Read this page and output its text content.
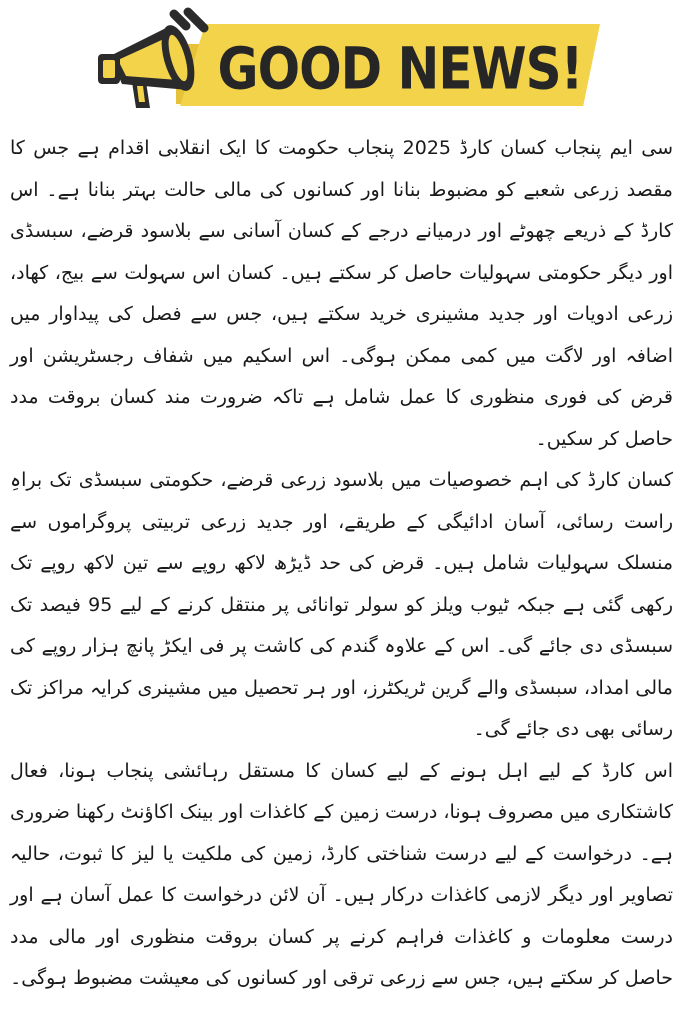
GOOD NEWS!

سی ایم پنجاب کسان کارڈ 2025 پنجاب حکومت کا ایک انقلابی اقدام ہے جس کا مقصد زرعی شعبے کو مضبوط بنانا اور کسانوں کی مالی حالت بہتر بنانا ہے۔ اس کارڈ کے ذریعے چھوٹے اور درمیانے درجے کے کسان آسانی سے بلاسود قرضے، سبسڈی اور دیگر حکومتی سہولیات حاصل کر سکتے ہیں۔ کسان اس سہولت سے بیج، کھاد، زرعی ادویات اور جدید مشینری خرید سکتے ہیں، جس سے فصل کی پیداوار میں اضافہ اور لاگت میں کمی ممکن ہوگی۔ اس اسکیم میں شفاف رجسٹریشن اور قرض کی فوری منظوری کا عمل شامل ہے تاکہ ضرورت مند کسان بروقت مدد حاصل کر سکیں۔

کسان کارڈ کی اہم خصوصیات میں بلاسود زرعی قرضے، حکومتی سبسڈی تک براہِ راست رسائی، آسان ادائیگی کے طریقے، اور جدید زرعی تربیتی پروگراموں سے منسلک سہولیات شامل ہیں۔ قرض کی حد ڈیڑھ لاکھ روپے سے تین لاکھ روپے تک رکھی گئی ہے جبکہ ٹیوب ویلز کو سولر توانائی پر منتقل کرنے کے لیے 95 فیصد تک سبسڈی دی جائے گی۔ اس کے علاوہ گندم کی کاشت پر فی ایکڑ پانچ ہزار روپے کی مالی امداد، سبسڈی والے گرین ٹریکٹرز، اور ہر تحصیل میں مشینری کرایہ مراکز تک رسائی بھی دی جائے گی۔

اس کارڈ کے لیے اہل ہونے کے لیے کسان کا مستقل رہائشی پنجاب ہونا، فعال کاشتکاری میں مصروف ہونا، درست زمین کے کاغذات اور بینک اکاؤنٹ رکھنا ضروری ہے۔ درخواست کے لیے درست شناختی کارڈ، زمین کی ملکیت یا لیز کا ثبوت، حالیہ تصاویر اور دیگر لازمی کاغذات درکار ہیں۔ آن لائن درخواست کا عمل آسان ہے اور درست معلومات و کاغذات فراہم کرنے پر کسان بروقت منظوری اور مالی مدد حاصل کر سکتے ہیں، جس سے زرعی ترقی اور کسانوں کی معیشت مضبوط ہوگی۔
